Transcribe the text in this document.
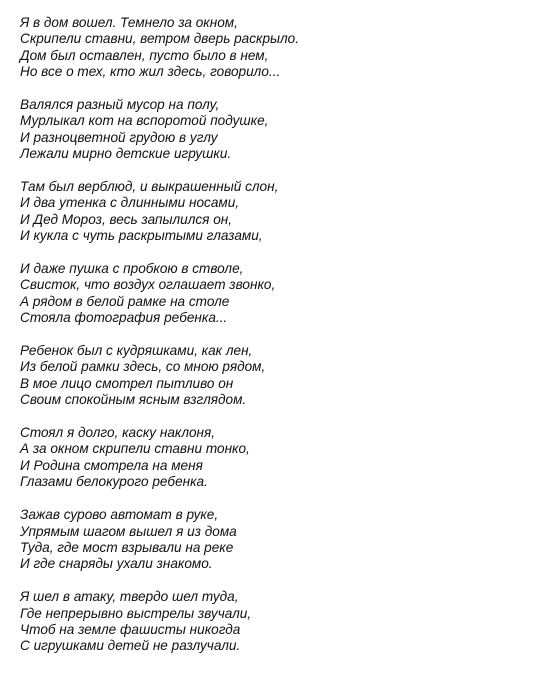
Я в дом вошел. Темнело за окном,
Скрипели ставни, ветром дверь раскрыло.
Дом был оставлен, пусто было в нем,
Но все о тех, кто жил здесь, говорило...
Валялся разный мусор на полу,
Мурлыкал кот на вспоротой подушке,
И разноцветной грудою в углу
Лежали мирно детские игрушки.
Там был верблюд, и выкрашенный слон,
И два утенка с длинными носами,
И Дед Мороз, весь запылился он,
И кукла с чуть раскрытыми глазами,
И даже пушка с пробкою в стволе,
Свисток, что воздух оглашает звонко,
А рядом в белой рамке на столе
Стояла фотография ребенка...
Ребенок был с кудряшками, как лен,
Из белой рамки здесь, со мною рядом,
В мое лицо смотрел пытливо он
Своим спокойным ясным взглядом.
Стоял я долго, каску наклоня,
А за окном скрипели ставни тонко,
И Родина смотрела на меня
Глазами белокурого ребенка.
Зажав сурово автомат в руке,
Упрямым шагом вышел я из дома
Туда, где мост взрывали на реке
И где снаряды ухали знакомо.
Я шел в атаку, твердо шел туда,
Где непрерывно выстрелы звучали,
Чтоб на земле фашисты никогда
С игрушками детей не разлучали.
